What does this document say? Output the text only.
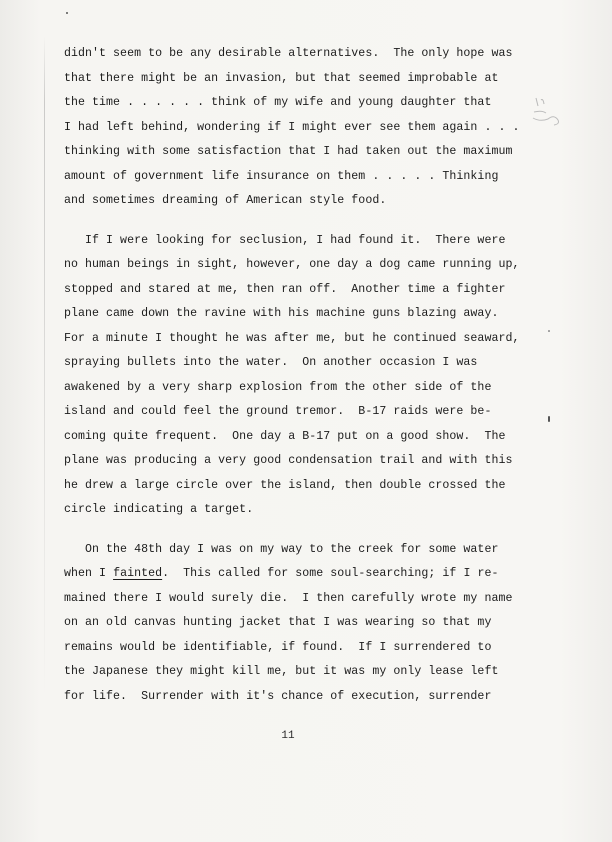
didn't seem to be any desirable alternatives.  The only hope was
that there might be an invasion, but that seemed improbable at
the time . . . . . . think of my wife and young daughter that
I had left behind, wondering if I might ever see them again . . .
thinking with some satisfaction that I had taken out the maximum
amount of government life insurance on them . . . . . Thinking
and sometimes dreaming of American style food.
If I were looking for seclusion, I had found it.  There were
no human beings in sight, however, one day a dog came running up,
stopped and stared at me, then ran off.  Another time a fighter
plane came down the ravine with his machine guns blazing away.
For a minute I thought he was after me, but he continued seaward,
spraying bullets into the water.  On another occasion I was
awakened by a very sharp explosion from the other side of the
island and could feel the ground tremor.  B-17 raids were be-
coming quite frequent.  One day a B-17 put on a good show.  The
plane was producing a very good condensation trail and with this
he drew a large circle over the island, then double crossed the
circle indicating a target.
On the 48th day I was on my way to the creek for some water
when I fainted.  This called for some soul-searching; if I re-
mained there I would surely die.  I then carefully wrote my name
on an old canvas hunting jacket that I was wearing so that my
remains would be identifiable, if found.  If I surrendered to
the Japanese they might kill me, but it was my only lease left
for life.  Surrender with it's chance of execution, surrender
11
